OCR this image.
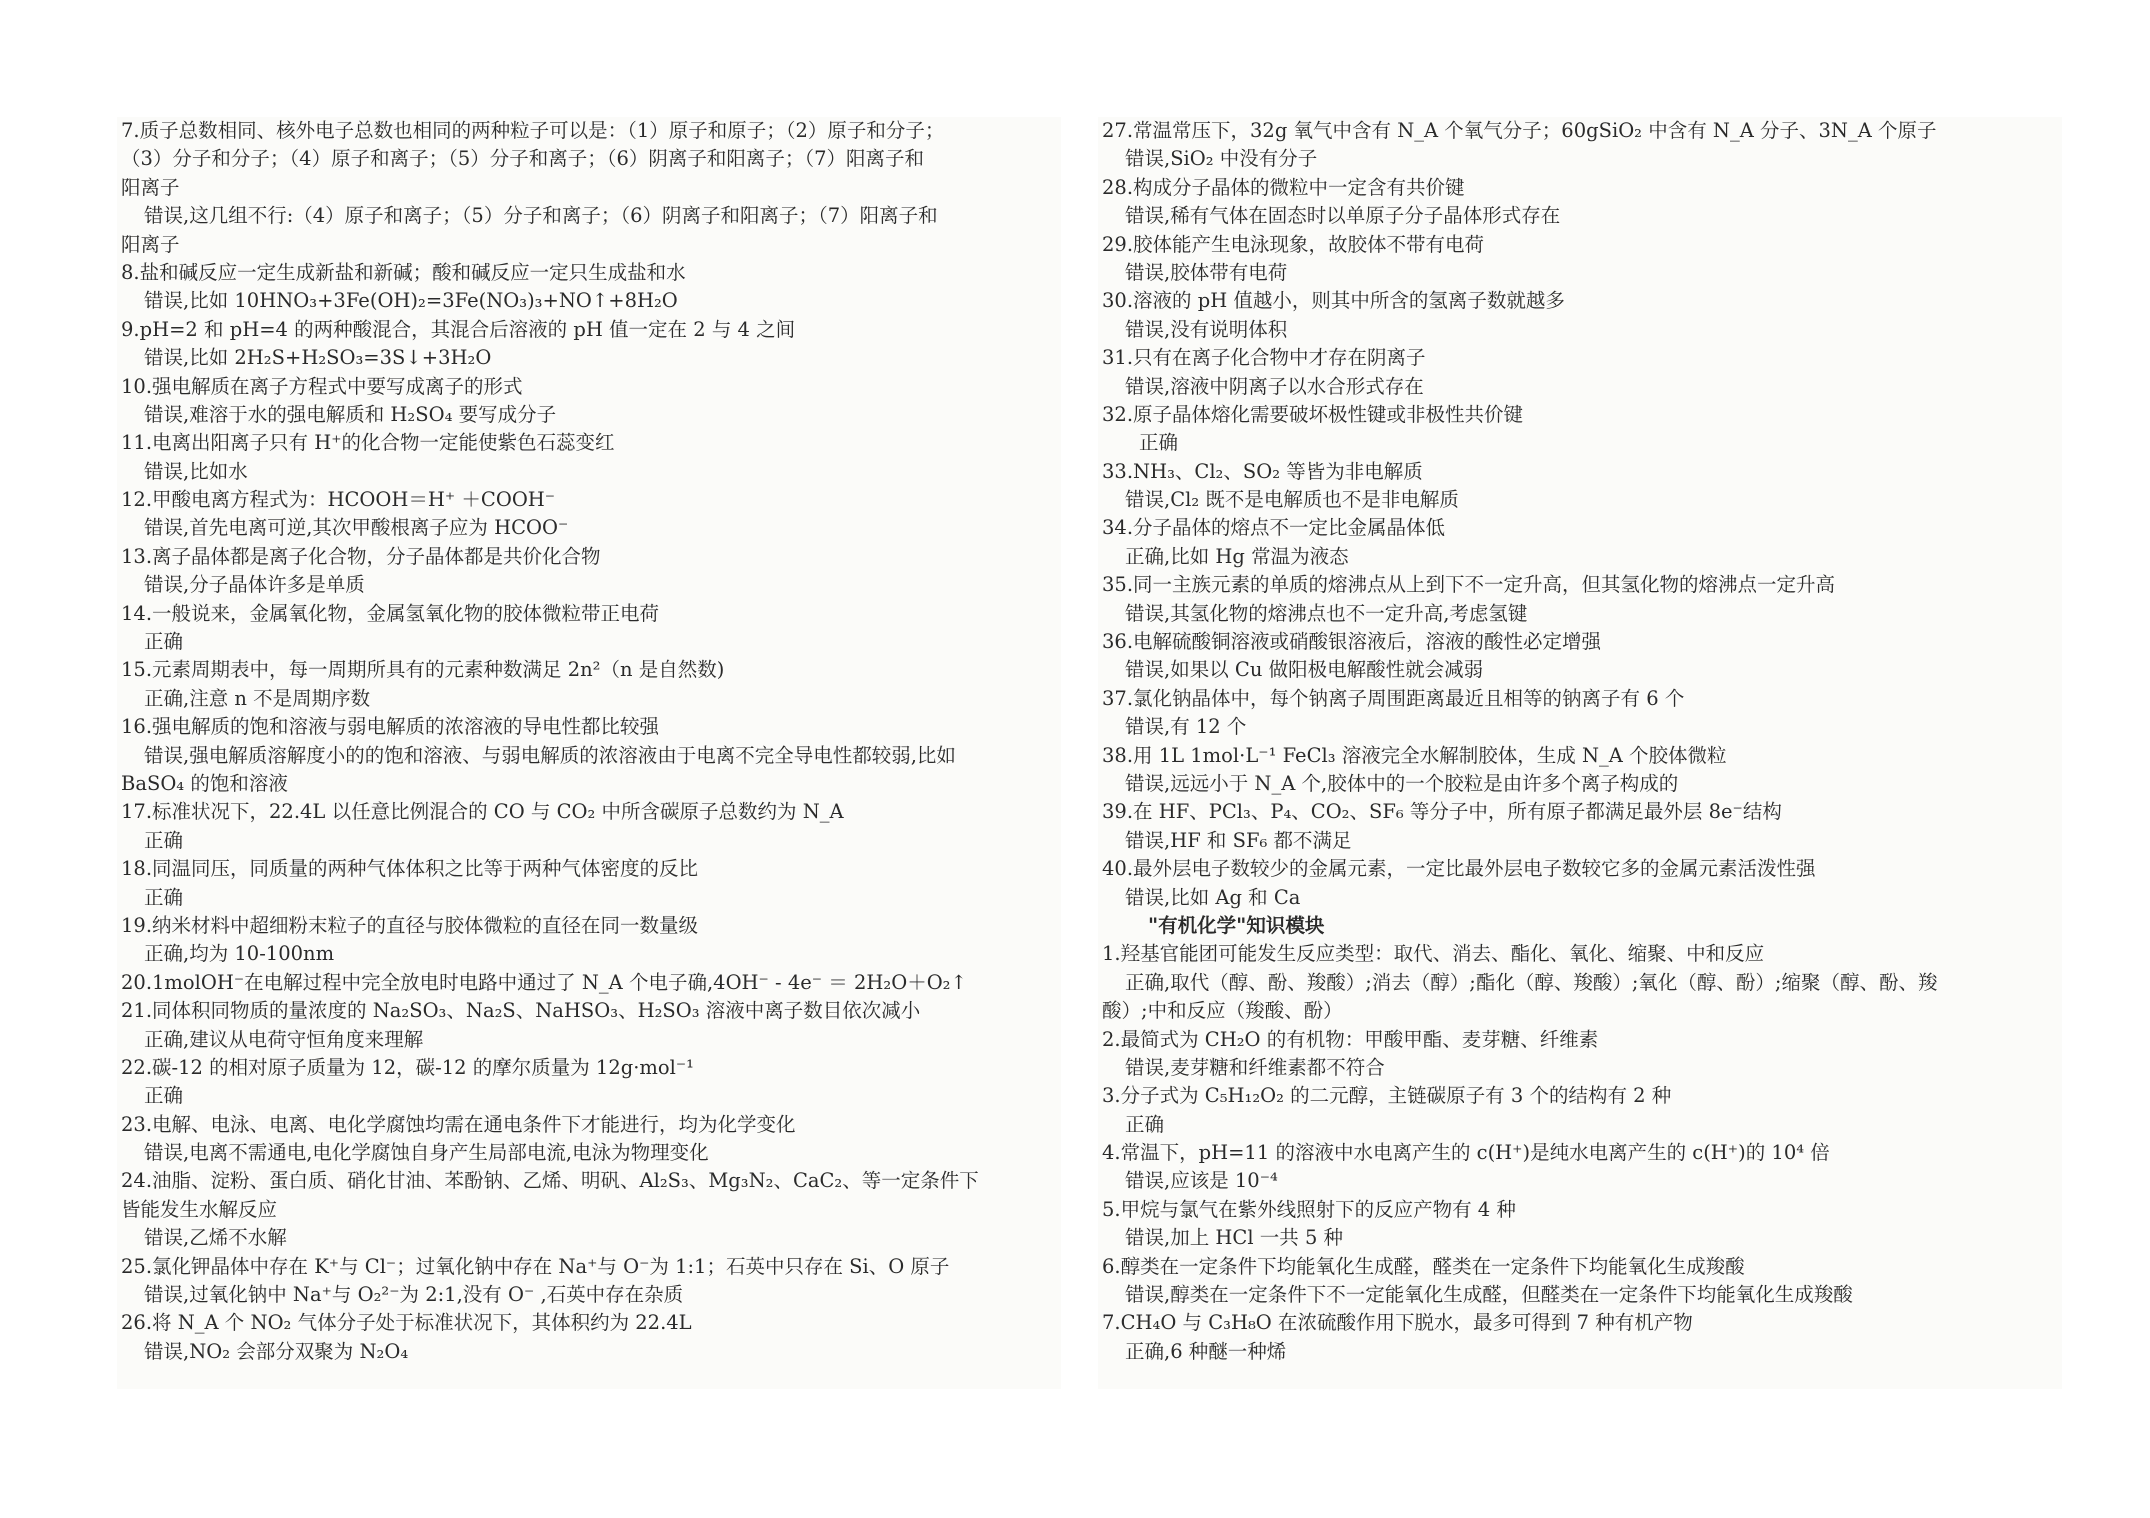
7.质子总数相同、核外电子总数也相同的两种粒子可以是：（1）原子和原子；（2）原子和分子；
（3）分子和分子；（4）原子和离子；（5）分子和离子；（6）阴离子和阳离子；（7）阳离子和
阳离子
错误,这几组不行:（4）原子和离子；（5）分子和离子；（6）阴离子和阳离子；（7）阳离子和
阳离子
8.盐和碱反应一定生成新盐和新碱；酸和碱反应一定只生成盐和水
错误,比如 10HNO₃+3Fe(OH)₂=3Fe(NO₃)₃+NO↑+8H₂O
9.pH=2 和 pH=4 的两种酸混合，其混合后溶液的 pH 值一定在 2 与 4 之间
错误,比如 2H₂S+H₂SO₃=3S↓+3H₂O
10.强电解质在离子方程式中要写成离子的形式
错误,难溶于水的强电解质和 H₂SO₄ 要写成分子
11.电离出阳离子只有 H⁺的化合物一定能使紫色石蕊变红
错误,比如水
12.甲酸电离方程式为：HCOOH＝H⁺ ＋COOH⁻
错误,首先电离可逆,其次甲酸根离子应为 HCOO⁻
13.离子晶体都是离子化合物，分子晶体都是共价化合物
错误,分子晶体许多是单质
14.一般说来，金属氧化物，金属氢氧化物的胶体微粒带正电荷
正确
15.元素周期表中，每一周期所具有的元素种数满足 2n²（n 是自然数)
正确,注意 n 不是周期序数
16.强电解质的饱和溶液与弱电解质的浓溶液的导电性都比较强
错误,强电解质溶解度小的的饱和溶液、与弱电解质的浓溶液由于电离不完全导电性都较弱,比如
BaSO₄ 的饱和溶液
17.标准状况下，22.4L 以任意比例混合的 CO 与 CO₂ 中所含碳原子总数约为 N_A
正确
18.同温同压，同质量的两种气体体积之比等于两种气体密度的反比
正确
19.纳米材料中超细粉末粒子的直径与胶体微粒的直径在同一数量级
正确,均为 10-100nm
20.1molOH⁻在电解过程中完全放电时电路中通过了 N_A 个电子确,4OH⁻ - 4e⁻ ＝ 2H₂O＋O₂↑
21.同体积同物质的量浓度的 Na₂SO₃、Na₂S、NaHSO₃、H₂SO₃ 溶液中离子数目依次减小
正确,建议从电荷守恒角度来理解
22.碳-12 的相对原子质量为 12，碳-12 的摩尔质量为 12g·mol⁻¹
正确
23.电解、电泳、电离、电化学腐蚀均需在通电条件下才能进行，均为化学变化
错误,电离不需通电,电化学腐蚀自身产生局部电流,电泳为物理变化
24.油脂、淀粉、蛋白质、硝化甘油、苯酚钠、乙烯、明矾、Al₂S₃、Mg₃N₂、CaC₂、等一定条件下
皆能发生水解反应
错误,乙烯不水解
25.氯化钾晶体中存在 K⁺与 Cl⁻；过氧化钠中存在 Na⁺与 O⁻为 1:1；石英中只存在 Si、O 原子
错误,过氧化钠中 Na⁺与 O₂²⁻为 2:1,没有 O⁻ ,石英中存在杂质
26.将 N_A 个 NO₂ 气体分子处于标准状况下，其体积约为 22.4L
错误,NO₂ 会部分双聚为 N₂O₄
27.常温常压下，32g 氧气中含有 N_A 个氧气分子；60gSiO₂ 中含有 N_A 分子、3N_A 个原子
错误,SiO₂ 中没有分子
28.构成分子晶体的微粒中一定含有共价键
错误,稀有气体在固态时以单原子分子晶体形式存在
29.胶体能产生电泳现象，故胶体不带有电荷
错误,胶体带有电荷
30.溶液的 pH 值越小，则其中所含的氢离子数就越多
错误,没有说明体积
31.只有在离子化合物中才存在阴离子
错误,溶液中阴离子以水合形式存在
32.原子晶体熔化需要破坏极性键或非极性共价键
正确
33.NH₃、Cl₂、SO₂ 等皆为非电解质
错误,Cl₂ 既不是电解质也不是非电解质
34.分子晶体的熔点不一定比金属晶体低
正确,比如 Hg 常温为液态
35.同一主族元素的单质的熔沸点从上到下不一定升高，但其氢化物的熔沸点一定升高
错误,其氢化物的熔沸点也不一定升高,考虑氢键
36.电解硫酸铜溶液或硝酸银溶液后，溶液的酸性必定增强
错误,如果以 Cu 做阳极电解酸性就会减弱
37.氯化钠晶体中，每个钠离子周围距离最近且相等的钠离子有 6 个
错误,有 12 个
38.用 1L 1mol·L⁻¹ FeCl₃ 溶液完全水解制胶体，生成 N_A 个胶体微粒
错误,远远小于 N_A 个,胶体中的一个胶粒是由许多个离子构成的
39.在 HF、PCl₃、P₄、CO₂、SF₆ 等分子中，所有原子都满足最外层 8e⁻结构
错误,HF 和 SF₆ 都不满足
40.最外层电子数较少的金属元素，一定比最外层电子数较它多的金属元素活泼性强
错误,比如 Ag 和 Ca
"有机化学"知识模块
1.羟基官能团可能发生反应类型：取代、消去、酯化、氧化、缩聚、中和反应
正确,取代（醇、酚、羧酸）;消去（醇）;酯化（醇、羧酸）;氧化（醇、酚）;缩聚（醇、酚、羧
酸）;中和反应（羧酸、酚）
2.最简式为 CH₂O 的有机物：甲酸甲酯、麦芽糖、纤维素
错误,麦芽糖和纤维素都不符合
3.分子式为 C₅H₁₂O₂ 的二元醇，主链碳原子有 3 个的结构有 2 种
正确
4.常温下，pH=11 的溶液中水电离产生的 c(H⁺)是纯水电离产生的 c(H⁺)的 10⁴ 倍
错误,应该是 10⁻⁴
5.甲烷与氯气在紫外线照射下的反应产物有 4 种
错误,加上 HCl 一共 5 种
6.醇类在一定条件下均能氧化生成醛，醛类在一定条件下均能氧化生成羧酸
错误,醇类在一定条件下不一定能氧化生成醛，但醛类在一定条件下均能氧化生成羧酸
7.CH₄O 与 C₃H₈O 在浓硫酸作用下脱水，最多可得到 7 种有机产物
正确,6 种醚一种烯
